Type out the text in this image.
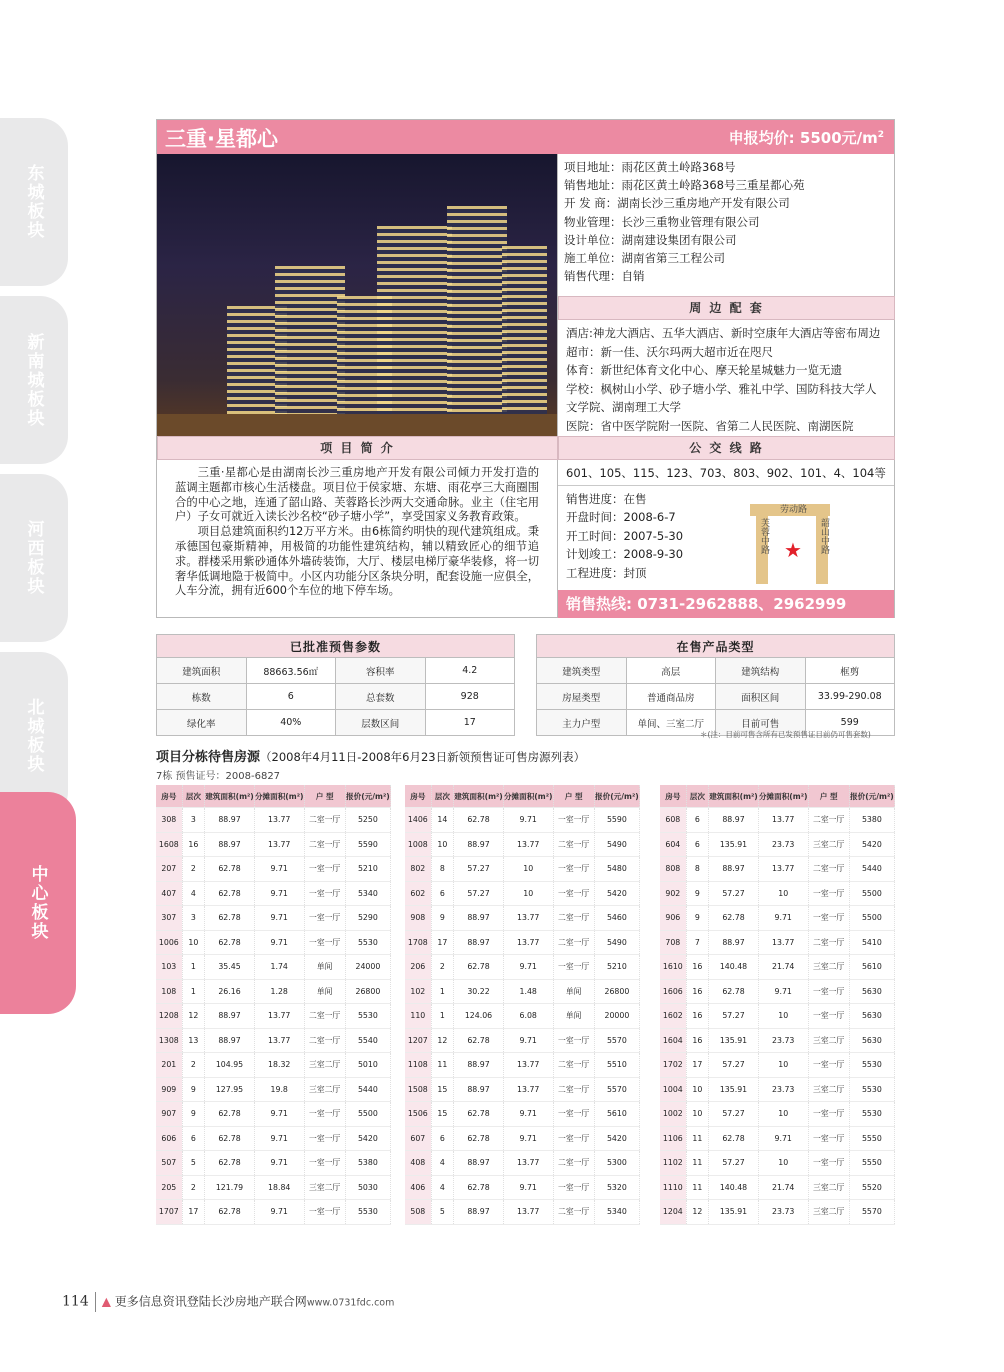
东城板块
新南城板块
河西板块
北城板块
中心板块
三重·星都心	申报均价: 5500元$/m^2$
项目地址：雨花区黄土岭路368号
销售地址：雨花区黄土岭路368号三重星都心苑
开 发 商：湖南长沙三重房地产开发有限公司
物业管理：长沙三重物业管理有限公司
设计单位：湖南建设集团有限公司
施工单位：湖南省第三工程公司
销售代理：自销
周 边 配 套
酒店:神龙大酒店、五华大酒店、新时空康年大酒店等密布周边
超市：新一佳、沃尔玛两大超市近在咫尺
体育：新世纪体育文化中心、摩天轮星城魅力一览无遗
学校：枫树山小学、砂子塘小学、雅礼中学、国防科技大学人文学院、湖南理工大学
医院：省中医学院附一医院、省第二人民医院、南湖医院
项 目 简 介	公 交 线 路

三重·星都心是由湖南长沙三重房地产开发有限公司倾力开发打造的蓝调主题都市核心生活楼盘。项目位于侯家塘、东塘、雨花亭三大商圈围合的中心之地，连通了韶山路、芙蓉路长沙两大交通命脉。业主（住宅用户）子女可就近入读长沙名校“砂子塘小学”，享受国家义务教育政策。

项目总建筑面积约12万平方米。由6栋简约明快的现代建筑组成。秉承德国包豪斯精神，用极简的功能性建筑结构，辅以精致匠心的细节追求。群楼采用紫砂通体外墙砖装饰，大厅、楼层电梯厅豪华装修，将一切奢华低调地隐于极简中。小区内功能分区条块分明，配套设施一应俱全，人车分流，拥有近600个车位的地下停车场。

601、105、115、123、703、803、902、101、4、104等
销售进度：在售
开盘时间：2008-6-7
开工时间：2007-5-30
计划竣工：2008-9-30
工程进度：封顶
劳动路
芙蓉中路	韶山中路
★
销售热线: 0731-2962888、2962999
已批准预售参数			
建筑面积	88663.56㎡	容积率	4.2
栋数	6	总套数	928
绿化率	40%	层数区间	17
在售产品类型			
建筑类型	高层	建筑结构	框剪
房屋类型	普通商品房	面积区间	33.99-290.08
主力户型	单间、三室二厅	目前可售	599
＊(注：目前可售含所有已发预售证目前仍可售套数)
项目分栋待售房源（2008年4月11日-2008年6月23日新领预售证可售房源列表）
7栋 预售证号：2008-6827
房号	层次	建筑面积(m²)	分摊面积(m²)	户 型	报价(元/m²)
308	3	88.97	13.77	二室一厅	5250
1608	16	88.97	13.77	二室一厅	5590
207	2	62.78	9.71	一室一厅	5210
407	4	62.78	9.71	一室一厅	5340
307	3	62.78	9.71	一室一厅	5290
1006	10	62.78	9.71	一室一厅	5530
103	1	35.45	1.74	单间	24000
108	1	26.16	1.28	单间	26800
1208	12	88.97	13.77	二室一厅	5530
1308	13	88.97	13.77	二室一厅	5540
201	2	104.95	18.32	三室二厅	5010
909	9	127.95	19.8	三室二厅	5440
907	9	62.78	9.71	一室一厅	5500
606	6	62.78	9.71	一室一厅	5420
507	5	62.78	9.71	一室一厅	5380
205	2	121.79	18.84	三室二厅	5030
1707	17	62.78	9.71	一室一厅	5530
房号	层次	建筑面积(m²)	分摊面积(m²)	户 型	报价(元/m²)
1406	14	62.78	9.71	一室一厅	5590
1008	10	88.97	13.77	二室一厅	5490
802	8	57.27	10	一室一厅	5480
602	6	57.27	10	一室一厅	5420
908	9	88.97	13.77	二室一厅	5460
1708	17	88.97	13.77	二室一厅	5490
206	2	62.78	9.71	一室一厅	5210
102	1	30.22	1.48	单间	26800
110	1	124.06	6.08	单间	20000
1207	12	62.78	9.71	一室一厅	5570
1108	11	88.97	13.77	二室一厅	5510
1508	15	88.97	13.77	二室一厅	5570
1506	15	62.78	9.71	一室一厅	5610
607	6	62.78	9.71	一室一厅	5420
408	4	88.97	13.77	二室一厅	5300
406	4	62.78	9.71	一室一厅	5320
508	5	88.97	13.77	二室一厅	5340
房号	层次	建筑面积(m²)	分摊面积(m²)	户 型	报价(元/m²)
608	6	88.97	13.77	二室一厅	5380
604	6	135.91	23.73	三室二厅	5420
808	8	88.97	13.77	二室一厅	5440
902	9	57.27	10	一室一厅	5500
906	9	62.78	9.71	一室一厅	5500
708	7	88.97	13.77	二室一厅	5410
1610	16	140.48	21.74	三室二厅	5610
1606	16	62.78	9.71	一室一厅	5630
1602	16	57.27	10	一室一厅	5630
1604	16	135.91	23.73	三室二厅	5630
1702	17	57.27	10	一室一厅	5530
1004	10	135.91	23.73	三室二厅	5530
1002	10	57.27	10	一室一厅	5530
1106	11	62.78	9.71	一室一厅	5550
1102	11	57.27	10	一室一厅	5550
1110	11	140.48	21.74	三室二厅	5520
1204	12	135.91	23.73	三室二厅	5570
114 ▲ 更多信息资讯登陆长沙房地产联合网www.0731fdc.com
